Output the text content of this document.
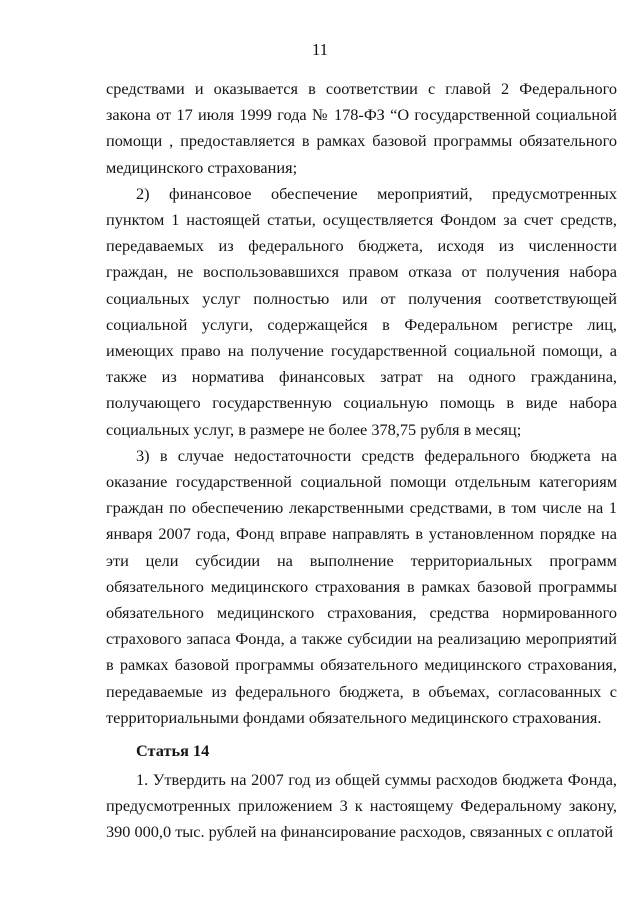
11

средствами и оказывается в соответствии с главой 2 Федерального закона от 17 июля 1999 года № 178-ФЗ “О государственной социальной помощи , предоставляется в рамках базовой программы обязательного медицинского страхования;

2) финансовое обеспечение мероприятий, предусмотренных пунктом 1 настоящей статьи, осуществляется Фондом за счет средств, передаваемых из федерального бюджета, исходя из численности граждан, не воспользовавшихся правом отказа от получения набора социальных услуг полностью или от получения соответствующей социальной услуги, содержащейся в Федеральном регистре лиц, имеющих право на получение государственной социальной помощи, а также из норматива финансовых затрат на одного гражданина, получающего государственную социальную помощь в виде набора социальных услуг, в размере не более 378,75 рубля в месяц;

3) в случае недостаточности средств федерального бюджета на оказание государственной социальной помощи отдельным категориям граждан по обеспечению лекарственными средствами, в том числе на 1 января 2007 года, Фонд вправе направлять в установленном порядке на эти цели субсидии на выполнение территориальных программ обязательного медицинского страхования в рамках базовой программы обязательного медицинского страхования, средства нормированного страхового запаса Фонда, а также субсидии на реализацию мероприятий в рамках базовой программы обязательного медицинского страхования, передаваемые из федерального бюджета, в объемах, согласованных с территориальными фондами обязательного медицинского страхования.

Статья 14

1. Утвердить на 2007 год из общей суммы расходов бюджета Фонда, предусмотренных приложением 3 к настоящему Федеральному закону, 390 000,0 тыс. рублей на финансирование расходов, связанных с оплатой
